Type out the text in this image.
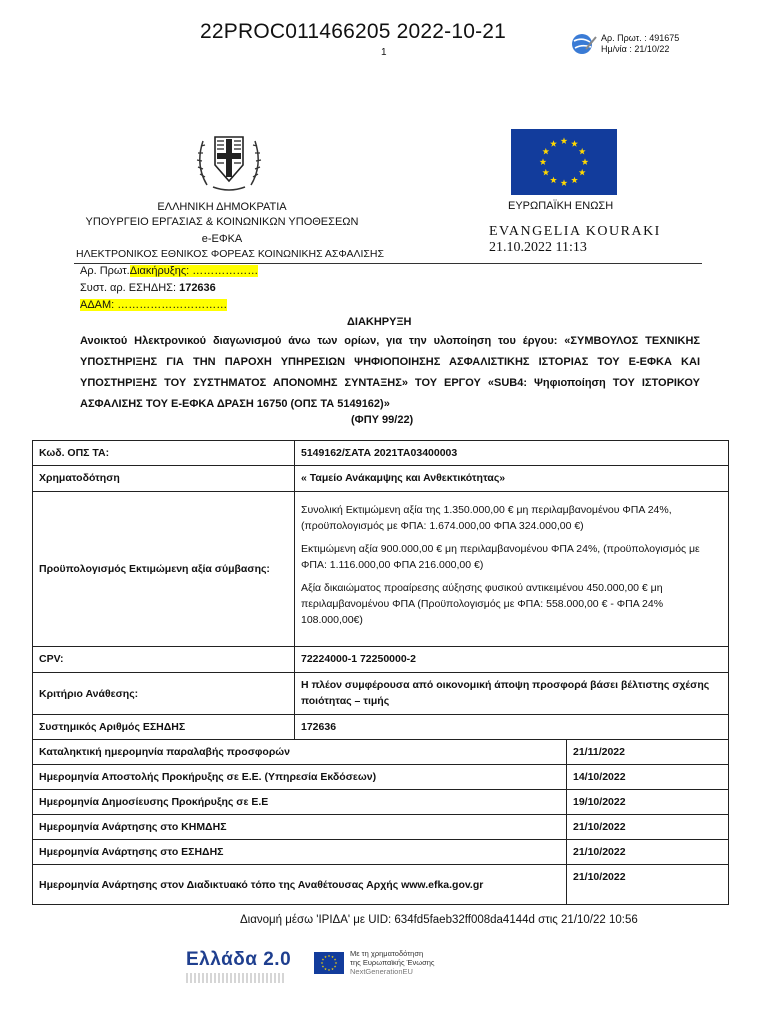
22PROC011466205 2022-10-21
1
Αρ. Πρωτ. : 491675
Ημ/νία : 21/10/22
ΕΛΛΗΝΙΚΗ ΔΗΜΟΚΡΑΤΙΑ
ΥΠΟΥΡΓΕΙΟ ΕΡΓΑΣΙΑΣ & ΚΟΙΝΩΝΙΚΩΝ ΥΠΟΘΕΣΕΩΝ
e-ΕΦΚΑ
ΗΛΕΚΤΡΟΝΙΚΟΣ ΕΘΝΙΚΟΣ ΦΟΡΕΑΣ ΚΟΙΝΩΝΙΚΗΣ ΑΣΦΑΛΙΣΗΣ
ΕΥΡΩΠΑΪΚΗ ΕΝΩΣΗ
EVANGELIA KOURAKI
21.10.2022 11:13
Αρ. Πρωτ.Διακήρυξης: ………………
Συστ. αρ. ΕΣΗΔΗΣ: 172636
ΑΔΑΜ: …………………………
ΔΙΑΚΗΡΥΞΗ
Ανοικτού Ηλεκτρονικού διαγωνισμού άνω των ορίων, για την υλοποίηση του έργου: «ΣΥΜΒΟΥΛΟΣ ΤΕΧΝΙΚΗΣ ΥΠΟΣΤΗΡΙΞΗΣ ΓΙΑ ΤΗΝ ΠΑΡΟΧΗ ΥΠΗΡΕΣΙΩΝ ΨΗΦΙΟΠΟΙΗΣΗΣ ΑΣΦΑΛΙΣΤΙΚΗΣ ΙΣΤΟΡΙΑΣ ΤΟΥ Ε-ΕΦΚΑ ΚΑΙ ΥΠΟΣΤΗΡΙΞΗΣ ΤΟΥ ΣΥΣΤΗΜΑΤΟΣ ΑΠΟΝΟΜΗΣ ΣΥΝΤΑΞΗΣ» ΤΟΥ ΕΡΓΟΥ «SUB4: Ψηφιοποίηση ΤΟΥ ΙΣΤΟΡΙΚΟΥ ΑΣΦΑΛΙΣΗΣ ΤΟΥ Ε-ΕΦΚΑ ΔΡΑΣΗ 16750 (ΟΠΣ ΤΑ 5149162)»
(ΦΠΥ 99/22)
Κωδ. ΟΠΣ ΤΑ:	5149162/ΣΑΤΑ 2021ΤΑ03400003	
Χρηματοδότηση	« Ταμείο Ανάκαμψης και Ανθεκτικότητας»	
Προϋπολογισμός Εκτιμώμενη αξία σύμβασης:	Συνολική Εκτιμώμενη αξία της 1.350.000,00 € μη περιλαμβανομένου ΦΠΑ 24%, (προϋπολογισμός με ΦΠΑ: 1.674.000,00 ΦΠΑ 324.000,00 €)

Εκτιμώμενη αξία 900.000,00 € μη περιλαμβανομένου ΦΠΑ 24%, (προϋπολογισμός με ΦΠΑ: 1.116.000,00 ΦΠΑ 216.000,00 €)

Αξία δικαιώματος προαίρεσης αύξησης φυσικού αντικειμένου 450.000,00 € μη περιλαμβανομένου ΦΠΑ (Προϋπολογισμός με ΦΠΑ: 558.000,00 € - ΦΠΑ 24% 108.000,00€)	

CPV:	72224000-1 72250000-2	
Κριτήριο Ανάθεσης:	Η πλέον συμφέρουσα από οικονομική άποψη προσφορά βάσει βέλτιστης σχέσης ποιότητας – τιμής	
Συστημικός Αριθμός ΕΣΗΔΗΣ	172636	
Καταληκτική ημερομηνία παραλαβής προσφορών		21/11/2022
Ημερομηνία Αποστολής Προκήρυξης σε Ε.Ε. (Υπηρεσία Εκδόσεων)		14/10/2022
Ημερομηνία Δημοσίευσης Προκήρυξης σε Ε.Ε		19/10/2022
Ημερομηνία Ανάρτησης στο ΚΗΜΔΗΣ		21/10/2022
Ημερομηνία Ανάρτησης στο ΕΣΗΔΗΣ		21/10/2022
Ημερομηνία Ανάρτησης στον Διαδικτυακό τόπο της Αναθέτουσας Αρχής www.efka.gov.gr		21/10/2022
Διανομή μέσω 'ΙΡΙΔΑ' με UID: 634fd5faeb32ff008da4144d στις 21/10/22 10:56
Ελλάδα 2.0	Με τη χρηματοδότηση
της Ευρωπαϊκής Ένωσης
NextGenerationEU
